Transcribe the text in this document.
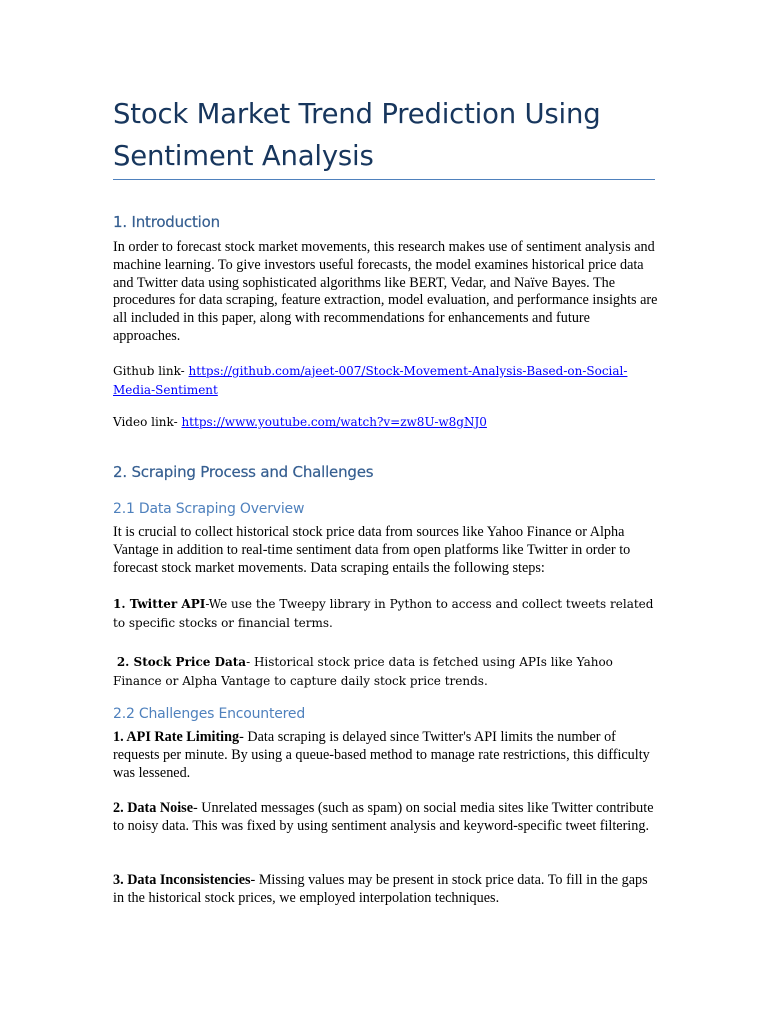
Stock Market Trend Prediction Using Sentiment Analysis
1. Introduction

In order to forecast stock market movements, this research makes use of sentiment analysis and machine learning. To give investors useful forecasts, the model examines historical price data and Twitter data using sophisticated algorithms like BERT, Vedar, and Naïve Bayes. The procedures for data scraping, feature extraction, model evaluation, and performance insights are all included in this paper, along with recommendations for enhancements and future approaches.

Github link- https://github.com/ajeet-007/Stock-Movement-Analysis-Based-on-Social-Media-Sentiment

Video link- https://www.youtube.com/watch?v=zw8U-w8gNJ0

2. Scraping Process and Challenges
2.1 Data Scraping Overview

It is crucial to collect historical stock price data from sources like Yahoo Finance or Alpha Vantage in addition to real-time sentiment data from open platforms like Twitter in order to forecast stock market movements. Data scraping entails the following steps:

1. Twitter API-We use the Tweepy library in Python to access and collect tweets related to specific stocks or financial terms.

2. Stock Price Data- Historical stock price data is fetched using APIs like Yahoo Finance or Alpha Vantage to capture daily stock price trends.

2.2 Challenges Encountered

1. API Rate Limiting- Data scraping is delayed since Twitter's API limits the number of requests per minute. By using a queue-based method to manage rate restrictions, this difficulty was lessened.

2. Data Noise- Unrelated messages (such as spam) on social media sites like Twitter contribute to noisy data. This was fixed by using sentiment analysis and keyword-specific tweet filtering.

3. Data Inconsistencies- Missing values may be present in stock price data. To fill in the gaps in the historical stock prices, we employed interpolation techniques.
